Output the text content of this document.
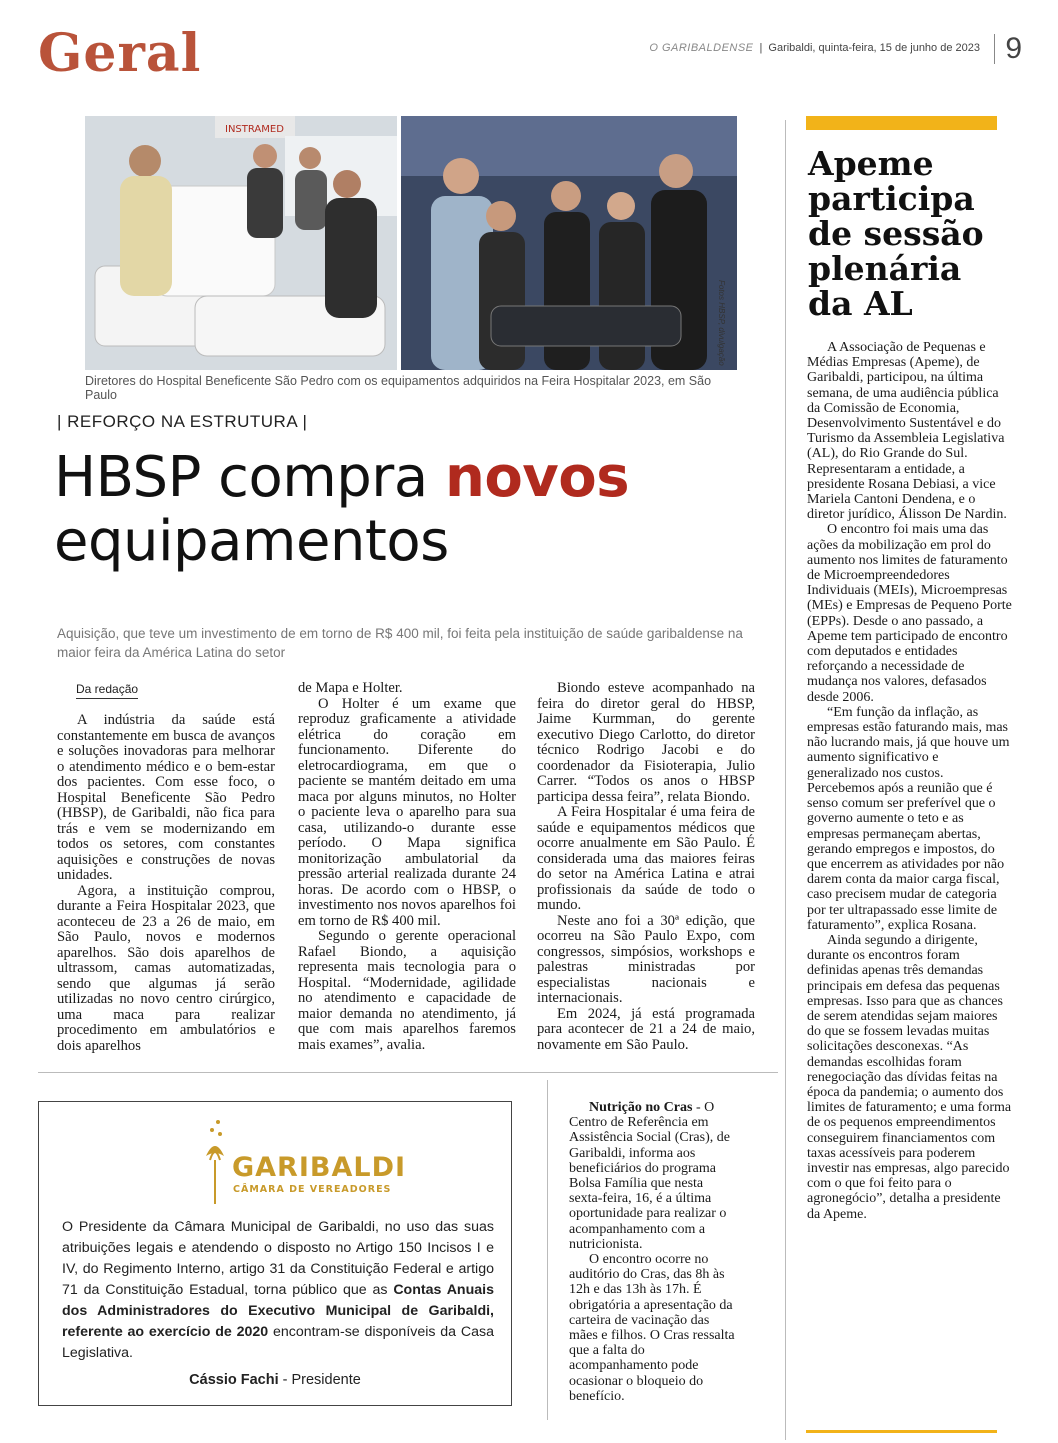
Geral	O GARIBALDENSE | Garibaldi, quinta-feira, 15 de junho de 2023 9
INSTRAMED
Fotos HBSP, divulgação
Diretores do Hospital Beneficente São Pedro com os equipamentos adquiridos na Feira Hospitalar 2023, em São Paulo
| REFORÇO NA ESTRUTURA |
HBSP compra novos
equipamentos
Aquisição, que teve um investimento de em torno de R$ 400 mil, foi feita pela instituição de saúde garibaldense na maior feira da América Latina do setor
Da redação

A indústria da saúde está constantemente em busca de avanços e soluções inovadoras para melhorar o atendimento médico e o bem-estar dos pacientes. Com esse foco, o Hospital Beneficente São Pedro (HBSP), de Garibaldi, não fica para trás e vem se modernizando em todos os setores, com constantes aquisições e construções de novas unidades.

Agora, a instituição comprou, durante a Feira Hospitalar 2023, que aconteceu de 23 a 26 de maio, em São Paulo, novos e modernos aparelhos. São dois aparelhos de ultrassom, camas automatizadas, sendo que algumas já serão utilizadas no novo centro cirúrgico, uma maca para realizar procedimento em ambulatórios e dois aparelhos

de Mapa e Holter.

O Holter é um exame que reproduz graficamente a atividade elétrica do coração em funcionamento. Diferente do eletrocardiograma, em que o paciente se mantém deitado em uma maca por alguns minutos, no Holter o paciente leva o aparelho para sua casa, utilizando-o durante esse período. O Mapa significa monitorização ambulatorial da pressão arterial realizada durante 24 horas. De acordo com o HBSP, o investimento nos novos aparelhos foi em torno de R$ 400 mil.

Segundo o gerente operacional Rafael Biondo, a aquisição representa mais tecnologia para o Hospital. “Modernidade, agilidade no atendimento e capacidade de maior demanda no atendimento, já que com mais aparelhos faremos mais exames”, avalia.

Biondo esteve acompanhado na feira do diretor geral do HBSP, Jaime Kurmman, do gerente executivo Diego Carlotto, do diretor técnico Rodrigo Jacobi e do coordenador da Fisioterapia, Julio Carrer. “Todos os anos o HBSP participa dessa feira”, relata Biondo.

A Feira Hospitalar é uma feira de saúde e equipamentos médicos que ocorre anualmente em São Paulo. É considerada uma das maiores feiras do setor na América Latina e atrai profissionais da saúde de todo o mundo.

Neste ano foi a 30ª edição, que ocorreu na São Paulo Expo, com congressos, simpósios, workshops e palestras ministradas por especialistas nacionais e internacionais.

Em 2024, já está programada para acontecer de 21 a 24 de maio, novamente em São Paulo.

Apeme participa de sessão plenária da AL

A Associação de Pequenas e Médias Empresas (Apeme), de Garibaldi, participou, na última semana, de uma audiência pública da Comissão de Economia, Desenvolvimento Sustentável e do Turismo da Assembleia Legislativa (AL), do Rio Grande do Sul. Representaram a entidade, a presidente Rosana Debiasi, a vice Mariela Cantoni Dendena, e o diretor jurídico, Álisson De Nardin.

O encontro foi mais uma das ações da mobilização em prol do aumento nos limites de faturamento de Microempreendedores Individuais (MEIs), Microempresas (MEs) e Empresas de Pequeno Porte (EPPs). Desde o ano passado, a Apeme tem participado de encontro com deputados e entidades reforçando a necessidade de mudança nos valores, defasados desde 2006.

“Em função da inflação, as empresas estão faturando mais, mas não lucrando mais, já que houve um aumento significativo e generalizado nos custos. Percebemos após a reunião que é senso comum ser preferível que o governo aumente o teto e as empresas permaneçam abertas, gerando empregos e impostos, do que encerrem as atividades por não darem conta da maior carga fiscal, caso precisem mudar de categoria por ter ultrapassado esse limite de faturamento”, explica Rosana.

Ainda segundo a dirigente, durante os encontros foram definidas apenas três demandas principais em defesa das pequenas empresas. Isso para que as chances de serem atendidas sejam maiores do que se fossem levadas muitas solicitações desconexas. “As demandas escolhidas foram renegociação das dívidas feitas na época da pandemia; o aumento dos limites de faturamento; e uma forma de os pequenos empreendimentos conseguirem financiamentos com taxas acessíveis para poderem investir nas empresas, algo parecido com o que foi feito para o agronegócio”, detalha a presidente da Apeme.

GARIBALDI
CÂMARA DE VEREADORES
O Presidente da Câmara Municipal de Garibaldi, no uso das suas atribuições legais e atendendo o disposto no Artigo 150 Incisos I e IV, do Regimento Interno, artigo 31 da Constituição Federal e artigo 71 da Constituição Estadual, torna público que as Contas Anuais dos Administradores do Executivo Municipal de Garibaldi, referente ao exercício de 2020 encontram-se disponíveis da Casa Legislativa.
Cássio Fachi - Presidente

Nutrição no Cras - O Centro de Referência em Assistência Social (Cras), de Garibaldi, informa aos beneficiários do programa Bolsa Família que nesta sexta-feira, 16, é a última oportunidade para realizar o acompanhamento com a nutricionista.

O encontro ocorre no auditório do Cras, das 8h às 12h e das 13h às 17h. É obrigatória a apresentação da carteira de vacinação das mães e filhos. O Cras ressalta que a falta do acompanhamento pode ocasionar o bloqueio do benefício.
